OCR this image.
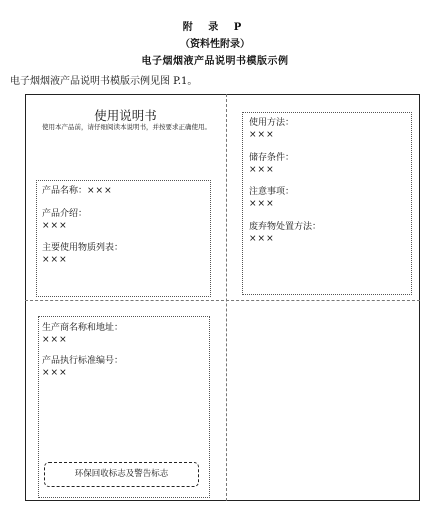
附 录 P
（资料性附录）
电子烟烟液产品说明书模版示例
电子烟烟液产品说明书模版示例见图 P.1。
使用说明书
使用本产品前，请仔细阅读本说明书，并按要求正确使用。
产品名称：×××
产品介绍：
×××
主要使用物质列表：
×××
使用方法：
×××
储存条件：
×××
注意事项：
×××
废弃物处置方法：
×××
生产商名称和地址：
×××
产品执行标准编号：
×××
环保回收标志及警告标志
